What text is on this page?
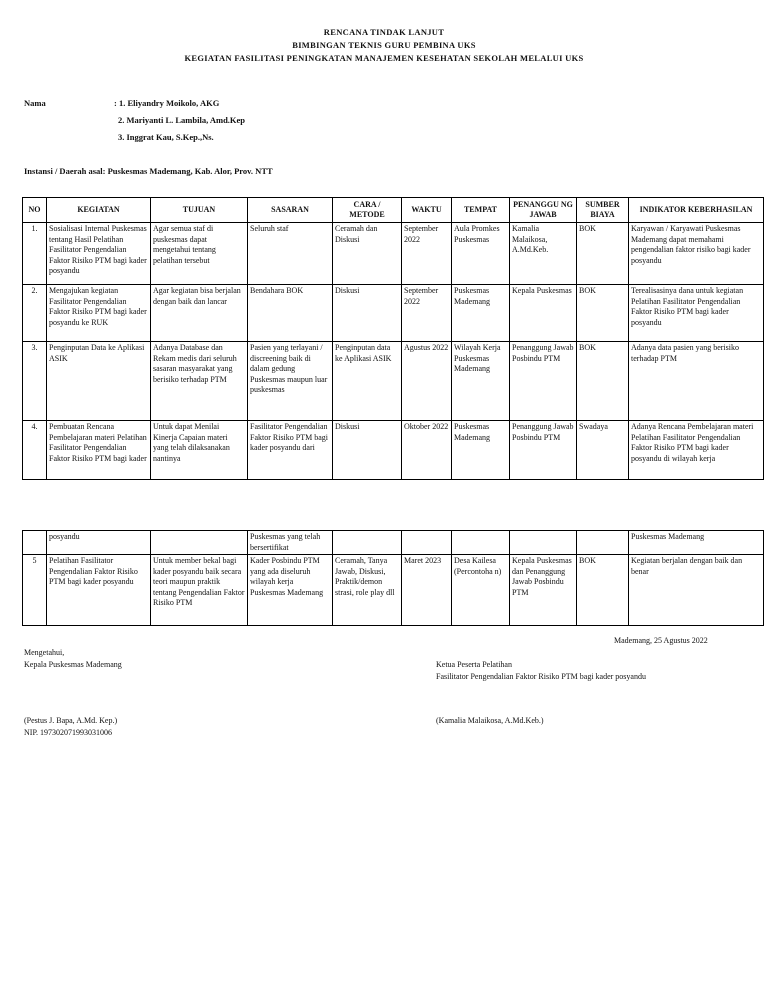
RENCANA TINDAK LANJUT
BIMBINGAN TEKNIS GURU PEMBINA UKS
KEGIATAN FASILITASI PENINGKATAN MANAJEMEN KESEHATAN SEKOLAH MELALUI UKS
Nama	: 1. Eliyandry Moikolo, AKG
2. Mariyanti L. Lambila, Amd.Kep
3. Inggrat Kau, S.Kep.,Ns.
Instansi / Daerah asal: Puskesmas Mademang, Kab. Alor, Prov. NTT
NO	KEGIATAN	TUJUAN	SASARAN	CARA / METODE	WAKTU	TEMPAT	PENANGGU NG JAWAB	SUMBER BIAYA	INDIKATOR KEBERHASILAN
1.	Sosialisasi Internal Puskesmas tentang Hasil Pelatihan Fasilitator Pengendalian Faktor Risiko PTM bagi kader posyandu	Agar semua staf di puskesmas dapat mengetahui tentang pelatihan tersebut	Seluruh staf	Ceramah dan Diskusi	September 2022	Aula Promkes Puskesmas	Kamalia Malaikosa, A.Md.Keb.	BOK	Karyawan / Karyawati Puskesmas Mademang dapat memahami pengendalian faktor risiko bagi kader posyandu
2.	Mengajukan kegiatan Fasilitator Pengendalian Faktor Risiko PTM bagi kader posyandu ke RUK	Agar kegiatan bisa berjalan dengan baik dan lancar	Bendahara BOK	Diskusi	September 2022	Puskesmas Mademang	Kepala Puskesmas	BOK	Terealisasinya dana untuk kegiatan Pelatihan Fasilitator Pengendalian Faktor Risiko PTM bagi kader posyandu
3.	Penginputan Data ke Aplikasi ASIK	Adanya Database dan Rekam medis dari seluruh sasaran masyarakat yang berisiko terhadap PTM	Pasien yang terlayani / discreening baik di dalam gedung Puskesmas maupun luar puskesmas	Penginputan data ke Aplikasi ASIK	Agustus 2022	Wilayah Kerja Puskesmas Mademang	Penanggung Jawab Posbindu PTM	BOK	Adanya data pasien yang berisiko terhadap PTM
4.	Pembuatan Rencana Pembelajaran materi Pelatihan Fasilitator Pengendalian Faktor Risiko PTM bagi kader	Untuk dapat Menilai Kinerja Capaian materi yang telah dilaksanakan nantinya	Fasilitator Pengendalian Faktor Risiko PTM bagi kader posyandu dari	Diskusi	Oktober 2022	Puskesmas Mademang	Penanggung Jawab Posbindu PTM	Swadaya	Adanya Rencana Pembelajaran materi Pelatihan Fasilitator Pengendalian Faktor Risiko PTM bagi kader posyandu di wilayah kerja
	posyandu		Puskesmas yang telah bersertifikat						Puskesmas Mademang
5	Pelatihan Fasilitator Pengendalian Faktor Risiko PTM bagi kader posyandu	Untuk member bekal bagi kader posyandu baik secara teori maupun praktik tentang Pengendalian Faktor Risiko PTM	Kader Posbindu PTM yang ada diseluruh wilayah kerja Puskesmas Mademang	Ceramah, Tanya Jawab, Diskusi, Praktik/demon strasi, role play dll	Maret 2023	Desa Kailesa (Percontoha n)	Kepala Puskesmas dan Penanggung Jawab Posbindu PTM	BOK	Kegiatan berjalan dengan baik dan benar
Mademang, 25 Agustus 2022
Mengetahui,
Kepala Puskesmas Mademang	Ketua Peserta Pelatihan
Fasilitator Pengendalian Faktor Risiko PTM bagi kader posyandu
(Pestus J. Bapa, A.Md. Kep.)
NIP. 197302071993031006
(Kamalia Malaikosa, A.Md.Keb.)
